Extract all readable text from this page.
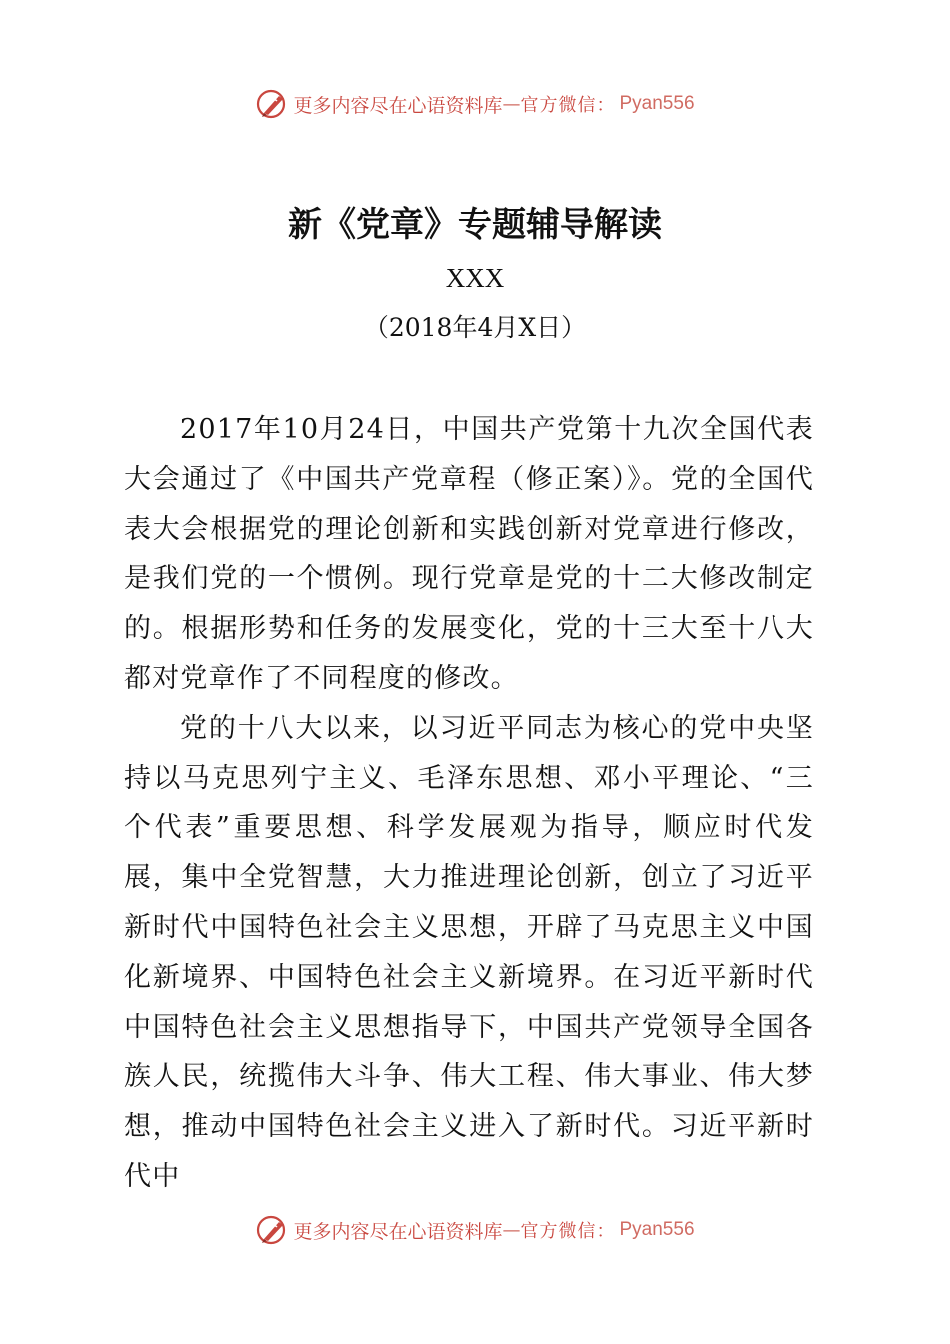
更多内容尽在心语资料库 — 官方微信： Pyan556
新《党章》专题辅导解读
XXX
（2018年4月X日）

2017年10月24日，中国共产党第十九次全国代表大会通过了《中国共产党章程（修正案）》。党的全国代表大会根据党的理论创新和实践创新对党章进行修改，是我们党的一个惯例。现行党章是党的十二大修改制定的。根据形势和任务的发展变化，党的十三大至十八大都对党章作了不同程度的修改。

党的十八大以来，以习近平同志为核心的党中央坚持以马克思列宁主义、毛泽东思想、邓小平理论、“三个代表”重要思想、科学发展观为指导，顺应时代发展，集中全党智慧，大力推进理论创新，创立了习近平新时代中国特色社会主义思想，开辟了马克思主义中国化新境界、中国特色社会主义新境界。在习近平新时代中国特色社会主义思想指导下，中国共产党领导全国各族人民，统揽伟大斗争、伟大工程、伟大事业、伟大梦想，推动中国特色社会主义进入了新时代。习近平新时代中

更多内容尽在心语资料库 — 官方微信： Pyan556
